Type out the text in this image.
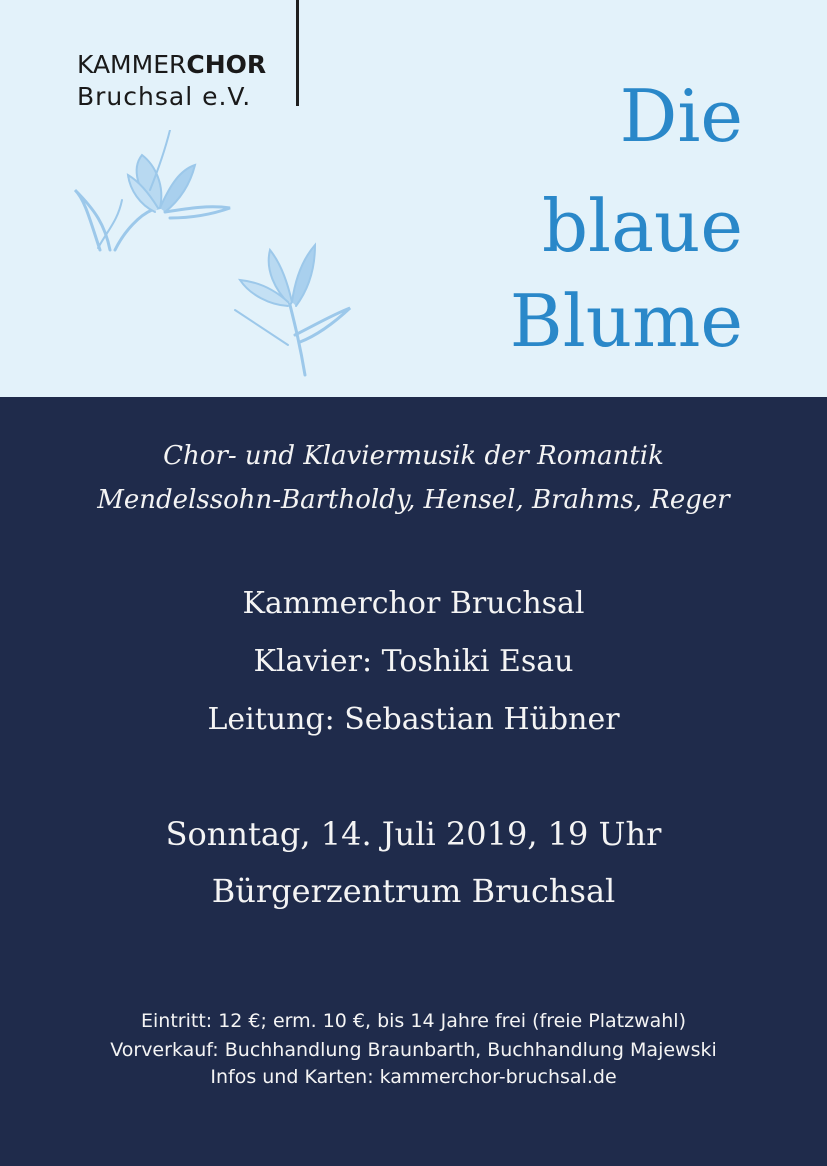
KAMMERCHOR
Bruchsal e.V.	Die
blaue
Blume
Chor- und Klaviermusik der Romantik
Mendelssohn-Bartholdy, Hensel, Brahms, Reger
Kammerchor Bruchsal
Klavier: Toshiki Esau
Leitung: Sebastian Hübner
Sonntag, 14. Juli 2019, 19 Uhr
Bürgerzentrum Bruchsal
Eintritt: 12 €; erm. 10 €, bis 14 Jahre frei (freie Platzwahl)
Vorverkauf: Buchhandlung Braunbarth, Buchhandlung Majewski
Infos und Karten: kammerchor-bruchsal.de
